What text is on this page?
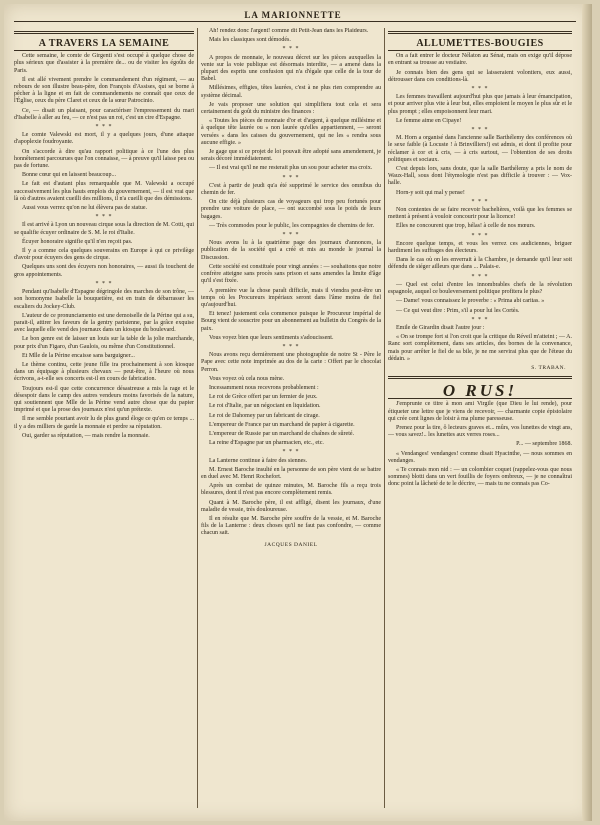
LA MARIONNETTE
A TRAVERS LA SEMAINE

Cette semaine, le comte de Girgenti s'est occupé à quelque chose de plus sérieux que d'assister à la première de... ou de visiter les égoûts de Paris.

Il est allé vivement prendre le commandement d'un régiment, — au rebours de son illustre beau-père, don François d'Assises, qui se borne à pêcher à la ligne et en fait de commandements ne connaît que ceux de l'Église, ceux du père Claret et ceux de la sœur Patrocinio.

Ce, — disait un plaisant, pour caractériser l'empressement du mari d'Isabelle à aller au feu, — ce n'est pas un roi, c'est un cire d'Espagne.

* * *

Le comte Valewski est mort, il y a quelques jours, d'une attaque d'apoplexie foudroyante.

On s'accorde à dire qu'au rapport politique à ce l'une des plus honnêtement parcourues que l'on connaisse, — à preuve qu'il laisse peu ou pas de fortune.

Bonne cœur qui en laissent beaucoup...

Le fait est d'autant plus remarquable que M. Valewski a occupé successivement les plus hauts emplois du gouvernement, — il est vrai que là où d'autres avaient cueilli des millions, il n'a cueilli que des démissions.

Aussi vous verrez qu'on ne lui élèvera pas de statue.

* * *

Il est arrivé à Lyon un nouveau cirque sous la direction de M. Cotti, qui se qualifie écuyer ordinaire de S. M. le roi d'Italie.

Écuyer honoraire signifie qu'il n'en reçoit pas.

Il y a comme cela quelques souverains en Europe à qui ce privilège d'avoir pour écuyers des gens de cirque.

Quelques uns sont des écuyers non honoraires, — aussi ils touchent de gros appointements.

* * *

Pendant qu'Isabelle d'Espagne dégringole des marches de son trône, — son homonyme Isabelle la bouquetière, est en train de débarrasser les escaliers du Jockey-Club.

L'auteur de ce pronunciamento est une demoiselle de la Périne qui a su, parait-il, attirer les faveurs de la gentry parisienne, par la grâce exquise avec laquelle elle vend des journaux dans un kiosque du boulevard.

Le bon genre est de laisser un louis sur la table de la jolie marchande, pour prix d'un Figaro, d'un Gaulois, ou même d'un Constitutionnel.

Et Mlle de la Périne encaisse sans barguigner...

Le thème continu, cette jeune fille ira prochainement à son kiosque dans un équipage à plusieurs chevaux — peut-être, à l'heure où nous écrivons, a-t-elle ses concerts est-il en cours de fabrication.

Toujours est-il que cette concurrence désastreuse a mis la rage et le désespoir dans le camp des autres vendeurs moins favorisés de la nature, qui soutiennent que Mlle de la Périne vend autre chose que du papier imprimé et que la prose des journaux n'est qu'un prétexte.

Il me semble pourtant avoir lu de plus grand éloge ce qu'en ce temps ... il y a des milliers de garde la monnaie et perdre sa réputation.

Oui, garder sa réputation, — mais rendre la monnaie.

Ah! rendez donc l'argent! comme dit Petit-Jean dans les Plaideurs.

Mais les classiques sont démodés.

* * *

A propos de monnaie, le nouveau décret sur les pièces auxquelles la vente sur la voie publique est désormais interdite, — a amené dans la plupart des esprits une confusion qui n'a d'égale que celle de la tour de Babel.

Millésimes, effigies, têtes laurées, c'est à ne plus rien comprendre au système décimal.

Je vais proposer une solution qui simplifiera tout cela et sera certainement du goût du ministre des finances :

« Toutes les pièces de monnaie d'or et d'argent, à quelque millésime et à quelque tête laurée ou « non laurée qu'elles appartiennent, — seront versées « dans les caisses du gouvernement, qui ne les « rendra sous aucune effigie. »

Je gage que si ce projet de loi pouvait être adopté sans amendement, je serais décoré immédiatement.

— Il est vrai qu'il ne me resterait plus un sou pour acheter ma croix.

* * *

C'est à partir de jeudi qu'a été supprimé le service des omnibus du chemin de fer.

On cite déjà plusieurs cas de voyageurs qui trop peu fortunés pour prendre une voiture de place, — ont succombé sous le poids de leurs bagages.

— Très commodes pour le public, les compagnies de chemins de fer.

* * *

Nous avons lu à la quatrième page des journaux d'annonces, la publication de la société qui a créé et mis au monde le journal la Discussion.

Cette société est constituée pour vingt années : — souhaitons que notre confrère atteigne sans procès sans prison et sans amendes la limite d'âge qu'il s'est fixée.

A première vue la chose paraît difficile, mais il viendra peut-être un temps où les Procureurs impériaux seront dans l'âme moins de fiel qu'aujourd'hui.

Et tenez! justement cela commence puisque le Procureur impérial de Bourg vient de souscrire pour un abonnement au bulletin du Congrès de la paix.

Vous voyez bien que leurs sentiments s'adoucissent.

* * *

Nous avons reçu dernièrement une photographie de notre St - Père le Pape avec cette note imprimée au dos de la carte : Offert par le chocolat Perron.

Vous voyez où cela nous mène.

Incessamment nous recevrons probablement :

Le roi de Grèce offert par un fermier de jeux.

Le roi d'Italie, par un négociant en liquidation.

Le roi de Dahomey par un fabricant de cirage.

L'empereur de France par un marchand de papier à cigarette.

L'empereur de Russie par un marchand de chaînes de sûreté.

La reine d'Espagne par un pharmacien, etc., etc.

* * *

La Lanterne continue à faire des siennes.

M. Ernest Baroche insulté en la personne de son père vient de se battre en duel avec M. Henri Rochefort.

Après un combat de quinze minutes, M. Baroche fils a reçu trois blessures, dont il n'est pas encore complètement remis.

Quant à M. Baroche père, il est affligé, disent les journaux, d'une maladie de vessie, très douloureuse.

Il en résulte que M. Baroche père souffre de la vessie, et M. Baroche fils de la Lanterne : deux choses qu'il ne faut pas confondre, — comme chacun sait.

JACQUES DANIEL
ALLUMETTES-BOUGIES

On a fait entrer le docteur Nélaton au Sénat, mais on exige qu'il dépose en entrant sa trousse au vestiaire.

Je connais bien des gens qui se laisseraient volontiers, eux aussi, détrousser dans ces conditions-là.

* * *

Les femmes travaillent aujourd'hui plus que jamais à leur émancipation, et pour arriver plus vite à leur but, elles emploient le moyen le plus sûr et le plus prompt ; elles empoisonnent leur mari.

Le femme aime en Cipaye!

* * *

M. Horn a organisé dans l'ancienne salle Barthélemy des conférences où le sexe faible (à Locuste ! à Brinvilliers!) est admis, et dont il profite pour réclamer à cor et à cris, — à cris surtout, — l'obtention de ses droits politiques et sociaux.

C'est depuis lors, sans doute, que la salle Barthélemy a pris le nom de Waux-Hall, sous dont l'étymologie n'est pas difficile à trouver : — Vox-halle.

Horn-y soit qui mal y pense!

* * *

Non contentes de se faire recevoir bachelières, voilà que les femmes se mettent à présent à vouloir concourir pour la licence!

Elles ne concourent que trop, hélas! à celle de nos mœurs.

* * *

Encore quelque temps, et vous les verrez ces audiciennes, briguer hardiment les suffrages des électeurs.

Dans le cas où on les enverrait à la Chambre, je demande qu'il leur soit défendu de siéger ailleurs que dans ... Palais-e.

* * *

— Quel est celui d'entre les innombrables chefs de la révolution espagnole, auquel ce bouleversement politique profitera le plus?

— Dame! vous connaissez le proverbe : « Prima abi caritas. »

— Ce qui veut dire : Prim, s'il a pour lui les Cortès.

* * *

Emile de Girardin disait l'autre jour :

« On se trompe fort si l'on croit que la critique du Réveil m'atteint ; — A. Ranc sort complètement, dans ses articles, des bornes de la convenance, mais pour arrêter le fiel de sa bile, je ne me servirai plus que de l'éteue du dédain. »

S. TRABAN.
O RUS!

J'emprunte ce titre à mon ami Virgile (que Dieu le lui rende), pour étiqueter une lettre que je viens de recevoir, — charmante copie épistolaire qui crée cent lignes de loisir à ma plume paresseuse.

Prenez pour la tire, ô lecteurs graves et... mûrs, vos lunettes de vingt ans, — vous savez!.. les lunettes aux verres roses...

P... — septembre 1868.

« Vendanges! vendanges! comme disait Hyacinthe, — nous sommes en vendanges.

« Te connais mon nid : — un colombier coquet (rappelez-vous que nous sommes) blotti dans un vert fouillis de foyers ombreux, — je ne connaîtrai donc point la lâcheté de te le décrire, — mais tu ne connais pas Co-
